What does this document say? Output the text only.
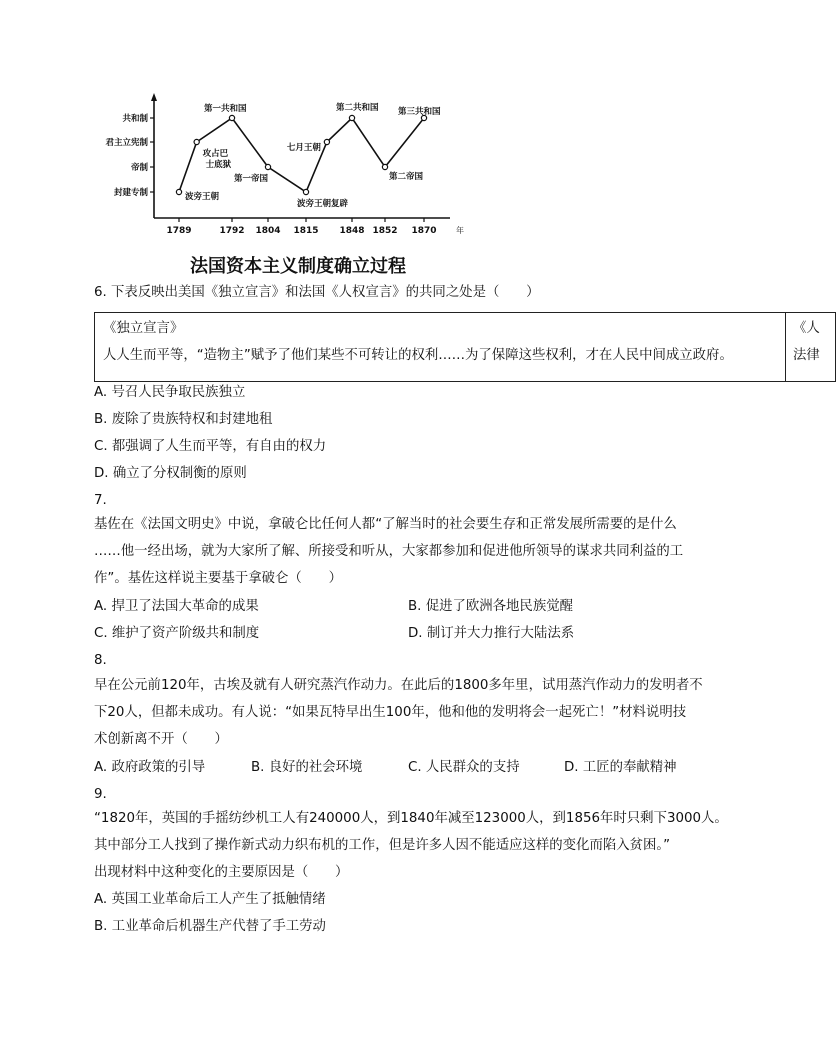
封建专制
帝制
君主立宪制
共和制
1789	1792 1804 1815 1848 1852 1870 年
波旁王朝
攻占巴士底狱
第一共和国
第一帝国
波旁王朝复辟
七月王朝
第二共和国
第二帝国
第三共和国
法国资本主义制度确立过程
6. 下表反映出美国《独立宣言》和法国《人权宣言》的共同之处是（　　）
《独立宣言》
人人生而平等，“造物主”赋予了他们某些不可转让的权利……为了保障这些权利，才在人民中间成立政府。
《人
法律
A. 号召人民争取民族独立
B. 废除了贵族特权和封建地租
C. 都强调了人生而平等，有自由的权力
D. 确立了分权制衡的原则
7.
基佐在《法国文明史》中说，拿破仑比任何人都“了解当时的社会要生存和正常发展所需要的是什么
……他一经出场，就为大家所了解、所接受和听从，大家都参加和促进他所领导的谋求共同利益的工
作”。基佐这样说主要基于拿破仑（　　）
A. 捍卫了法国大革命的成果	B. 促进了欧洲各地民族觉醒
C. 维护了资产阶级共和制度	D. 制订并大力推行大陆法系
8.
早在公元前120年，古埃及就有人研究蒸汽作动力。在此后的1800多年里，试用蒸汽作动力的发明者不
下20人，但都未成功。有人说：“如果瓦特早出生100年，他和他的发明将会一起死亡！”材料说明技
术创新离不开（　　）
A. 政府政策的引导	B. 良好的社会环境	C. 人民群众的支持	D. 工匠的奉献精神
9.
“1820年，英国的手摇纺纱机工人有240000人，到1840年减至123000人，到1856年时只剩下3000人。
其中部分工人找到了操作新式动力织布机的工作，但是许多人因不能适应这样的变化而陷入贫困。”
出现材料中这种变化的主要原因是（　　）
A. 英国工业革命后工人产生了抵触情绪
B. 工业革命后机器生产代替了手工劳动
